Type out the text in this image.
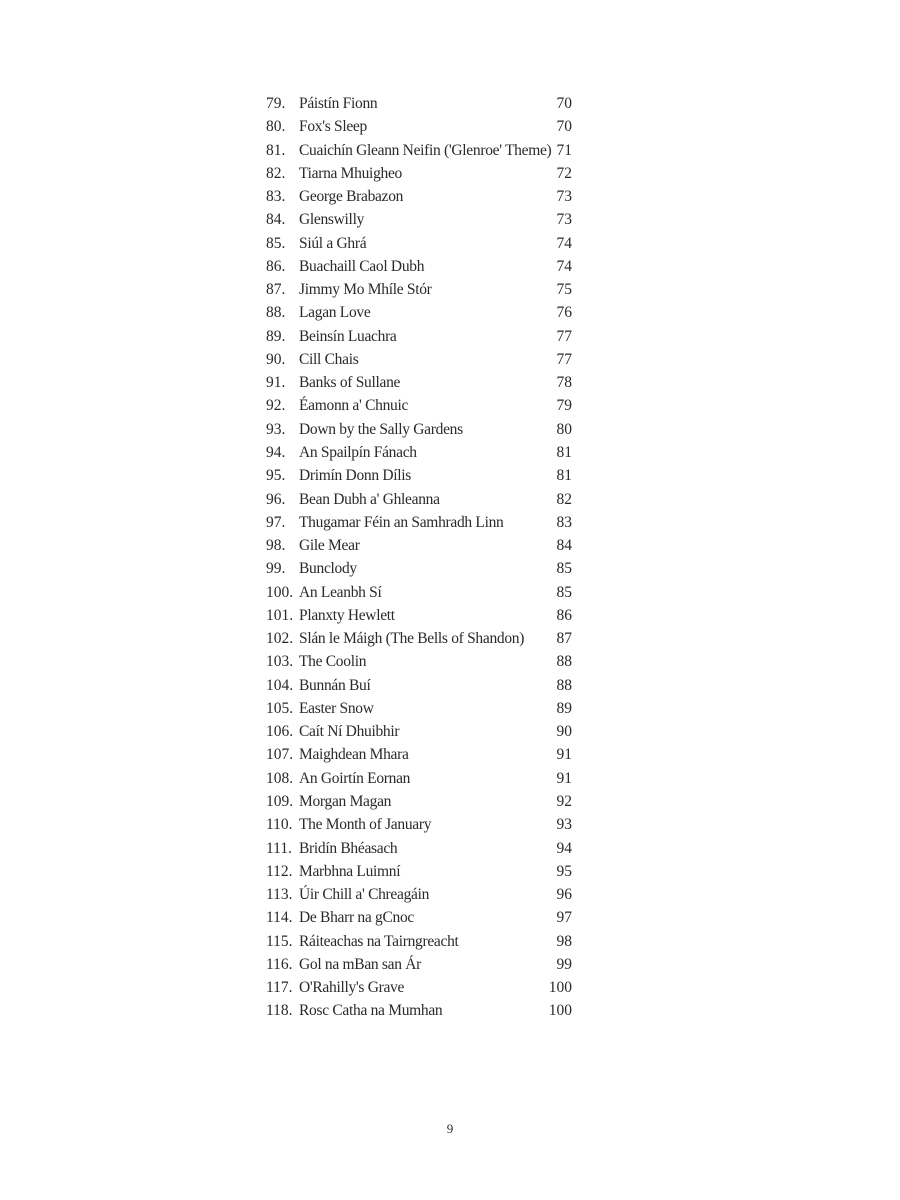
79. Páistín Fionn	70
80. Fox's Sleep	70
81. Cuaichín Gleann Neifin ('Glenroe' Theme) 71
82. Tiarna Mhuigheo	72
83. George Brabazon	73
84. Glenswilly	73
85. Siúl a Ghrá	74
86. Buachaill Caol Dubh	74
87. Jimmy Mo Mhíle Stór	75
88. Lagan Love	76
89. Beinsín Luachra	77
90. Cill Chais	77
91. Banks of Sullane	78
92. Éamonn a' Chnuic	79
93. Down by the Sally Gardens	80
94. An Spailpín Fánach	81
95. Drimín Donn Dílis	81
96. Bean Dubh a' Ghleanna	82
97. Thugamar Féin an Samhradh Linn	83
98. Gile Mear	84
99. Bunclody	85
100. An Leanbh Sí	85
101. Planxty Hewlett	86
102. Slán le Máigh (The Bells of Shandon)	87
103. The Coolin	88
104. Bunnán Buí	88
105. Easter Snow	89
106. Caít Ní Dhuibhir	90
107. Maighdean Mhara	91
108. An Goirtín Eornan	91
109. Morgan Magan	92
110. The Month of January	93
111. Bridín Bhéasach	94
112. Marbhna Luimní	95
113. Úir Chill a' Chreagáin	96
114. De Bharr na gCnoc	97
115. Ráiteachas na Tairngreacht	98
116. Gol na mBan san Ár	99
117. O'Rahilly's Grave	100
118. Rosc Catha na Mumhan	100
9
